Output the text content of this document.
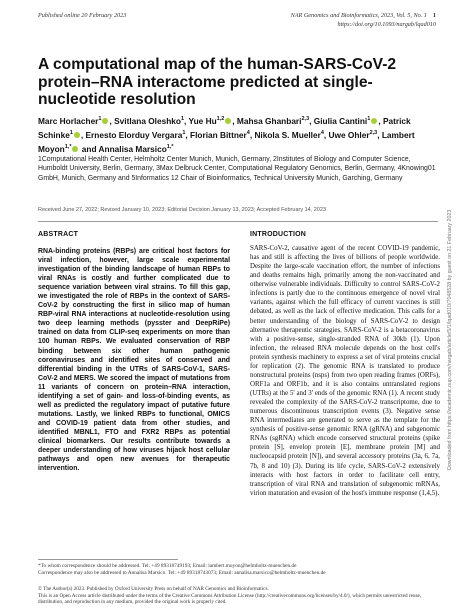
Published online 20 February 2023	NAR Genomics and Bioinformatics, 2023, Vol. 5, No. 1 1
https://doi.org/10.1093/nargab/lqad010
A computational map of the human-SARS-CoV-2 protein–RNA interactome predicted at single-nucleotide resolution
Marc Horlacher$^1$ , Svitlana Oleshko$^1$, Yue Hu$^{1,2}$ , Mahsa Ghanbari$^{2,3}$, Giulia Cantini$^1$ , Patrick Schinke$^1$ , Ernesto Elorduy Vergara$^1$, Florian Bittner$^4$, Nikola S. Mueller$^4$, Uwe Ohler$^{2,3}$, Lambert Moyon$^{1,*}$ and Annalisa Marsico$^{1,*}$
1Computational Health Center, Helmholtz Center Munich, Munich, Germany, 2Institutes of Biology and Computer Science, Humboldt University, Berlin, Germany, 3Max Delbruck Center, Computational Regulatory Genomics, Berlin, Germany, 4Knowing01 GmbH, Munich, Germany and 5Informatics 12 Chair of Bioinformatics, Technical University Munich, Garching, Germany
Received June 27, 2022; Revised January 10, 2023; Editorial Decision January 13, 2023; Accepted February 14, 2023
ABSTRACT
RNA-binding proteins (RBPs) are critical host factors for viral infection, however, large scale experimental investigation of the binding landscape of human RBPs to viral RNAs is costly and further complicated due to sequence variation between viral strains. To fill this gap, we investigated the role of RBPs in the context of SARS-CoV-2 by constructing the first in silico map of human RBP-viral RNA interactions at nucleotide-resolution using two deep learning methods (pysster and DeepRiPe) trained on data from CLIP-seq experiments on more than 100 human RBPs. We evaluated conservation of RBP binding between six other human pathogenic coronaviruses and identified sites of conserved and differential binding in the UTRs of SARS-CoV-1, SARS-CoV-2 and MERS. We scored the impact of mutations from 11 variants of concern on protein–RNA interaction, identifying a set of gain- and loss-of-binding events, as well as predicted the regulatory impact of putative future mutations. Lastly, we linked RBPs to functional, OMICS and COVID-19 patient data from other studies, and identified MBNL1, FTO and FXR2 RBPs as potential clinical biomarkers. Our results contribute towards a deeper understanding of how viruses hijack host cellular pathways and open new avenues for therapeutic intervention.
INTRODUCTION
SARS-CoV-2, causative agent of the recent COVID-19 pandemic, has and still is affecting the lives of billions of people worldwide. Despite the large-scale vaccination effort, the number of infections and deaths remains high, primarily among the non-vaccinated and otherwise vulnerable individuals. Difficulty to control SARS-CoV-2 infections is partly due to the continuous emergence of novel viral variants, against which the full efficacy of current vaccines is still debated, as well as the lack of effective medication. This calls for a better understanding of the biology of SARS-CoV-2 to design alternative therapeutic strategies. SARS-CoV-2 is a betacoronavirus with a positive-sense, single-stranded RNA of 30kb (1). Upon infection, the released RNA molecule depends on the host cell's protein synthesis machinery to express a set of viral proteins crucial for replication (2). The genomic RNA is translated to produce nonstructural proteins (nsps) from two open reading frames (ORFs), ORF1a and ORF1b, and it is also contains untranslated regions (UTRs) at the 5' and 3' ends of the genomic RNA (1). A recent study revealed the complexity of the SARS-CoV-2 transcriptome, due to numerous discontinuous transcription events (3). Negative sense RNA intermediates are generated to serve as the template for the synthesis of positive-sense genomic RNA (gRNA) and subgenomic RNAs (sgRNA) which encode conserved structural proteins (spike protein [S], envelop protein [E], membrane protein [M] and nucleocapsid protein [N]), and several accessory proteins (3a, 6, 7a, 7b, 8 and 10) (3). During its life cycle, SARS-CoV-2 extensively interacts with host factors in order to facilitate cell entry, transcription of viral RNA and translation of subgenomic mRNAs, virion maturation and evasion of the host's immune response (1,4,5).
*To whom correspondence should be addressed. Tel: +49 89318749193; Email: lambert.moyon@helmholtz-muenchen.de
Correspondence may also be addressed to Annalisa Marsico. Tel: +49 89318743073; Email: annalisa.marsico@helmholtz-muenchen.de
© The Author(s) 2023. Published by Oxford University Press on behalf of NAR Genomics and Bioinformatics.
This is an Open Access article distributed under the terms of the Creative Commons Attribution License (http://creativecommons.org/licenses/by/4.0/), which permits unrestricted reuse, distribution, and reproduction in any medium, provided the original work is properly cited.
Downloaded from https://academic.oup.com/nargab/article/5/1/lqad010/7048528 by guest on 21 February 2023
